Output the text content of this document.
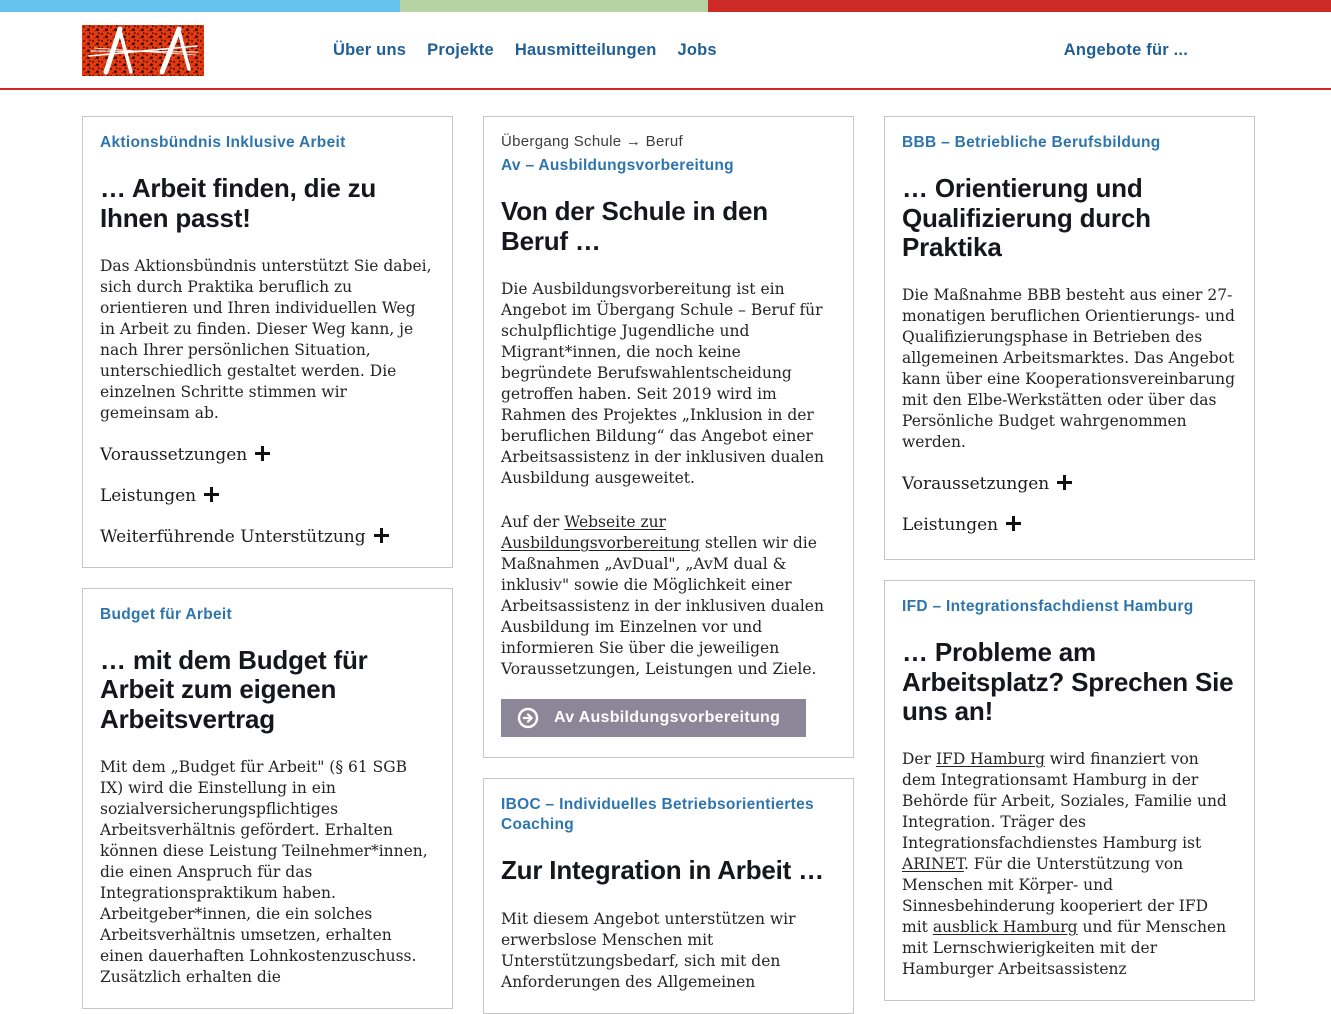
Über uns Projekte Hausmitteilungen Jobs	Angebote für ...
Aktionsbündnis Inklusive Arbeit
… Arbeit finden, die zu Ihnen passt!

Das Aktionsbündnis unterstützt Sie dabei, sich durch Praktika beruflich zu orientieren und Ihren individuellen Weg in Arbeit zu finden. Dieser Weg kann, je nach Ihrer persönlichen Situation, unterschiedlich gestaltet werden. Die einzelnen Schritte stimmen wir gemeinsam ab.

Voraussetzungen
Leistungen
Weiterführende Unterstützung
Budget für Arbeit
… mit dem Budget für Arbeit zum eigenen Arbeitsvertrag

Mit dem „Budget für Arbeit" (§ 61 SGB IX) wird die Einstellung in ein sozialversicherungspflichtiges Arbeitsverhältnis gefördert. Erhalten können diese Leistung Teilnehmer*innen, die einen Anspruch für das Integrationspraktikum haben. Arbeitgeber*innen, die ein solches Arbeitsverhältnis umsetzen, erhalten einen dauerhaften Lohnkostenzuschuss. Zusätzlich erhalten die

Übergang Schule → Beruf
Av – Ausbildungsvorbereitung
Von der Schule in den Beruf …

Die Ausbildungsvorbereitung ist ein Angebot im Übergang Schule – Beruf für schulpflichtige Jugendliche und Migrant*innen, die noch keine begründete Berufswahlentscheidung getroffen haben. Seit 2019 wird im Rahmen des Projektes „Inklusion in der beruflichen Bildung“ das Angebot einer Arbeitsassistenz in der inklusiven dualen Ausbildung ausgeweitet.

Auf der Webseite zur Ausbildungsvorbereitung stellen wir die Maßnahmen „AvDual", „AvM dual & inklusiv" sowie die Möglichkeit einer Arbeitsassistenz in der inklusiven dualen Ausbildung im Einzelnen vor und informieren Sie über die jeweiligen Voraussetzungen, Leistungen und Ziele.

Av Ausbildungsvorbereitung
IBOC – Individuelles Betriebsorientiertes Coaching
Zur Integration in Arbeit …

Mit diesem Angebot unterstützen wir erwerbslose Menschen mit Unterstützungsbedarf, sich mit den Anforderungen des Allgemeinen

BBB – Betriebliche Berufsbildung
… Orientierung und Qualifizierung durch Praktika

Die Maßnahme BBB besteht aus einer 27-monatigen beruflichen Orientierungs- und Qualifizierungsphase in Betrieben des allgemeinen Arbeitsmarktes. Das Angebot kann über eine Kooperationsvereinbarung mit den Elbe-Werkstätten oder über das Persönliche Budget wahrgenommen werden.

Voraussetzungen
Leistungen
IFD – Integrationsfachdienst Hamburg
… Probleme am Arbeitsplatz? Sprechen Sie uns an!

Der IFD Hamburg wird finanziert von dem Integrationsamt Hamburg in der Behörde für Arbeit, Soziales, Familie und Integration. Träger des Integrationsfachdienstes Hamburg ist ARINET. Für die Unterstützung von Menschen mit Körper- und Sinnesbehinderung kooperiert der IFD mit ausblick Hamburg und für Menschen mit Lernschwierigkeiten mit der Hamburger Arbeitsassistenz
